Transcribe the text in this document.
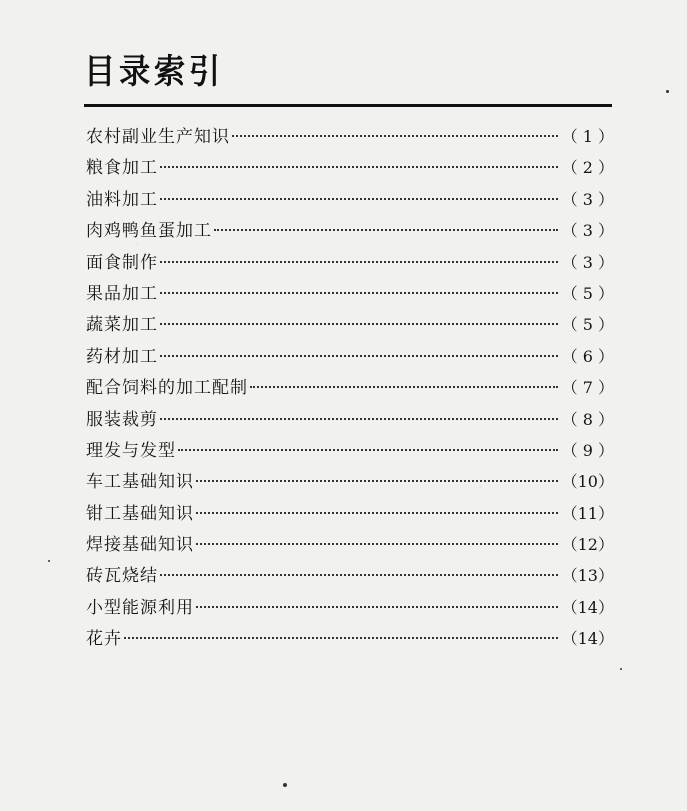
目录索引
农村副业生产知识	（ 1 ）
粮食加工	（ 2 ）
油料加工	（ 3 ）
肉鸡鸭鱼蛋加工	（ 3 ）
面食制作	（ 3 ）
果品加工	（ 5 ）
蔬菜加工	（ 5 ）
药材加工	（ 6 ）
配合饲料的加工配制	（ 7 ）
服装裁剪	（ 8 ）
理发与发型	（ 9 ）
车工基础知识	（10）
钳工基础知识	（11）
焊接基础知识	（12）
砖瓦烧结	（13）
小型能源利用	（14）
花卉	（14）
